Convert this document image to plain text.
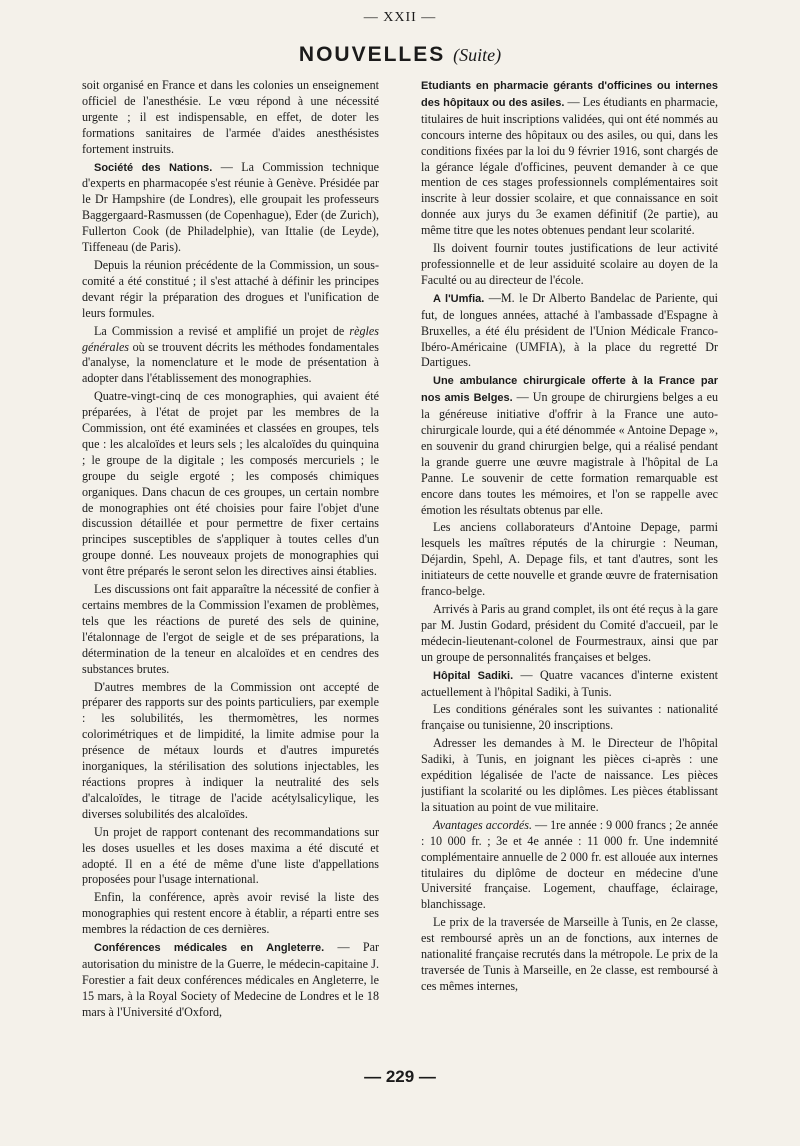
— XXII —
NOUVELLES (Suite)

soit organisé en France et dans les colonies un enseignement officiel de l'anesthésie. Le vœu répond à une nécessité urgente ; il est indispensable, en effet, de doter les formations sanitaires de l'armée d'aides anesthésistes fortement instruits.

Société des Nations. — La Commission technique d'experts en pharmacopée s'est réunie à Genève. Présidée par le Dr Hampshire (de Londres), elle groupait les professeurs Baggergaard-Rasmussen (de Copenhague), Eder (de Zurich), Fullerton Cook (de Philadelphie), van Ittalie (de Leyde), Tiffeneau (de Paris).

Depuis la réunion précédente de la Commission, un sous-comité a été constitué ; il s'est attaché à définir les principes devant régir la préparation des drogues et l'unification de leurs formules.

La Commission a revisé et amplifié un projet de règles générales où se trouvent décrits les méthodes fondamentales d'analyse, la nomenclature et le mode de présentation à adopter dans l'établissement des monographies.

Quatre-vingt-cinq de ces monographies, qui avaient été préparées, à l'état de projet par les membres de la Commission, ont été examinées et classées en groupes, tels que : les alcaloïdes et leurs sels ; les alcaloïdes du quinquina ; le groupe de la digitale ; les composés mercuriels ; le groupe du seigle ergoté ; les composés chimiques organiques. Dans chacun de ces groupes, un certain nombre de monographies ont été choisies pour faire l'objet d'une discussion détaillée et pour permettre de fixer certains principes susceptibles de s'appliquer à toutes celles d'un groupe donné. Les nouveaux projets de monographies qui vont être préparés le seront selon les directives ainsi établies.

Les discussions ont fait apparaître la nécessité de confier à certains membres de la Commission l'examen de problèmes, tels que les réactions de pureté des sels de quinine, l'étalonnage de l'ergot de seigle et de ses préparations, la détermination de la teneur en alcaloïdes et en cendres des substances brutes.

D'autres membres de la Commission ont accepté de préparer des rapports sur des points particuliers, par exemple : les solubilités, les thermomètres, les normes colorimétriques et de limpidité, la limite admise pour la présence de métaux lourds et d'autres impuretés inorganiques, la stérilisation des solutions injectables, les réactions propres à indiquer la neutralité des sels d'alcaloïdes, le titrage de l'acide acétylsalicylique, les diverses solubilités des alcaloïdes.

Un projet de rapport contenant des recommandations sur les doses usuelles et les doses maxima a été discuté et adopté. Il en a été de même d'une liste d'appellations proposées pour l'usage international.

Enfin, la conférence, après avoir revisé la liste des monographies qui restent encore à établir, a réparti entre ses membres la rédaction de ces dernières.

Conférences médicales en Angleterre. — Par autorisation du ministre de la Guerre, le médecin-capitaine J. Forestier a fait deux conférences médicales en Angleterre, le 15 mars, à la Royal Society of Medecine de Londres et le 18 mars à l'Université d'Oxford,

Etudiants en pharmacie gérants d'officines ou internes des hôpitaux ou des asiles. — Les étudiants en pharmacie, titulaires de huit inscriptions validées, qui ont été nommés au concours interne des hôpitaux ou des asiles, ou qui, dans les conditions fixées par la loi du 9 février 1916, sont chargés de la gérance légale d'officines, peuvent demander à ce que mention de ces stages professionnels complémentaires soit inscrite à leur dossier scolaire, et que connaissance en soit donnée aux jurys du 3e examen définitif (2e partie), au même titre que les notes obtenues pendant leur scolarité.

Ils doivent fournir toutes justifications de leur activité professionnelle et de leur assiduité scolaire au doyen de la Faculté ou au directeur de l'école.

A l'Umfia. —M. le Dr Alberto Bandelac de Pariente, qui fut, de longues années, attaché à l'ambassade d'Espagne à Bruxelles, a été élu président de l'Union Médicale Franco-Ibéro-Américaine (UMFIA), à la place du regretté Dr Dartigues.

Une ambulance chirurgicale offerte à la France par nos amis Belges. — Un groupe de chirurgiens belges a eu la généreuse initiative d'offrir à la France une auto-chirurgicale lourde, qui a été dénommée « Antoine Depage », en souvenir du grand chirurgien belge, qui a réalisé pendant la grande guerre une œuvre magistrale à l'hôpital de La Panne. Le souvenir de cette formation remarquable est encore dans toutes les mémoires, et l'on se rappelle avec émotion les résultats obtenus par elle.

Les anciens collaborateurs d'Antoine Depage, parmi lesquels les maîtres réputés de la chirurgie : Neuman, Déjardin, Spehl, A. Depage fils, et tant d'autres, sont les initiateurs de cette nouvelle et grande œuvre de fraternisation franco-belge.

Arrivés à Paris au grand complet, ils ont été reçus à la gare par M. Justin Godard, président du Comité d'accueil, par le médecin-lieutenant-colonel de Fourmestraux, ainsi que par un groupe de personnalités françaises et belges.

Hôpital Sadiki. — Quatre vacances d'interne existent actuellement à l'hôpital Sadiki, à Tunis.

Les conditions générales sont les suivantes : nationalité française ou tunisienne, 20 inscriptions.

Adresser les demandes à M. le Directeur de l'hôpital Sadiki, à Tunis, en joignant les pièces ci-après : une expédition légalisée de l'acte de naissance. Les pièces justifiant la scolarité ou les diplômes. Les pièces établissant la situation au point de vue militaire.

Avantages accordés. — 1re année : 9 000 francs ; 2e année : 10 000 fr. ; 3e et 4e année : 11 000 fr. Une indemnité complémentaire annuelle de 2 000 fr. est allouée aux internes titulaires du diplôme de docteur en médecine d'une Université française. Logement, chauffage, éclairage, blanchissage.

Le prix de la traversée de Marseille à Tunis, en 2e classe, est remboursé après un an de fonctions, aux internes de nationalité française recrutés dans la métropole. Le prix de la traversée de Tunis à Marseille, en 2e classe, est remboursé à ces mêmes internes,

— 229 —
